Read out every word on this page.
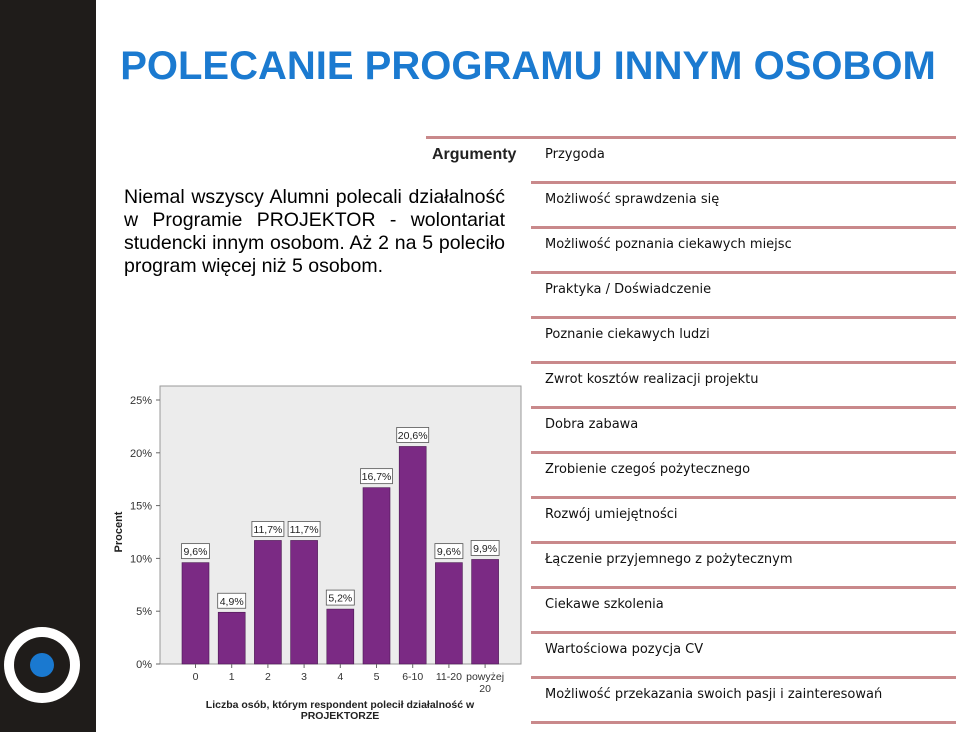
POLECANIE PROGRAMU INNYM OSOBOM
Niemal wszyscy Alumni polecali działalność w Programie PROJEKTOR - wolontariat studencki innym osobom. Aż 2 na 5 poleciło program więcej niż 5 osobom.
Argumenty Przygoda
Możliwość sprawdzenia się
Możliwość poznania ciekawych miejsc
Praktyka / Doświadczenie
Poznanie ciekawych ludzi
Zwrot kosztów realizacji projektu
Dobra zabawa
Zrobienie czegoś pożytecznego
Rozwój umiejętności
Łączenie przyjemnego z pożytecznym
Ciekawe szkolenia
Wartościowa pozycja CV
Możliwość przekazania swoich pasji i zainteresowań
0%
5%
10%
15%
20%
25%
Procent	9,6%
0
4,9%
1
11,7%
2
11,7%
3
5,2%
4
16,7%
5
20,6%
6-10
9,6%
11-20
9,9%
powyżej
20
Liczba osób, którym respondent polecił działalność w
PROJEKTORZE
